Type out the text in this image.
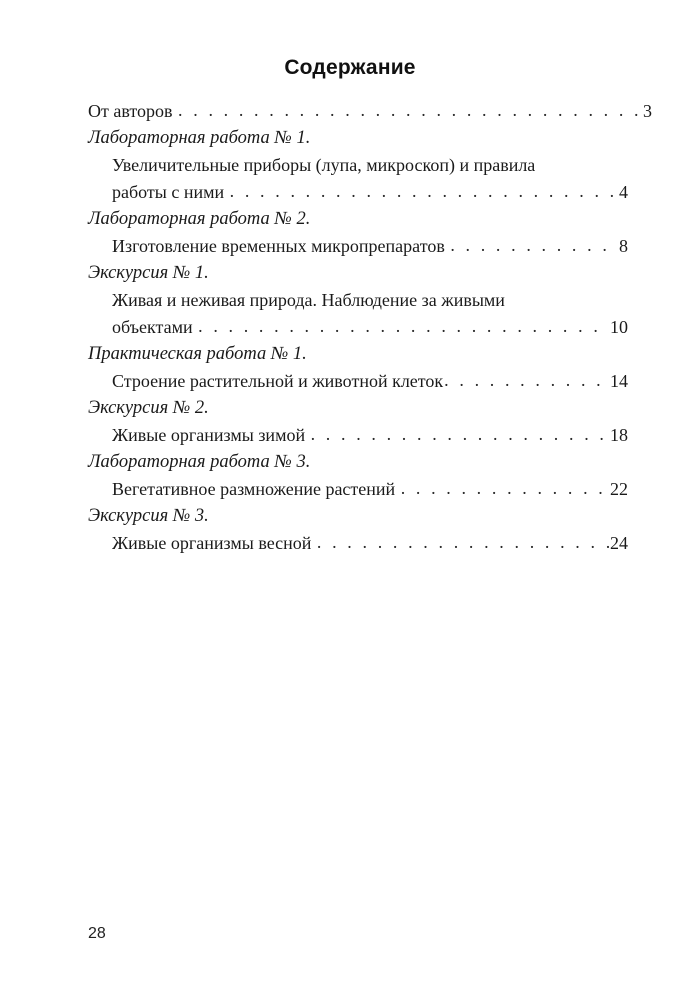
Содержание
От авторов . . .	3
Лабораторная работа № 1.
Увеличительные приборы (лупа, микроскоп) и правила
работы с ними . . .	4
Лабораторная работа № 2.
Изготовление временных микропрепаратов . . .	8
Экскурсия № 1.
Живая и неживая природа. Наблюдение за живыми
объектами . . .	10
Практическая работа № 1.
Строение растительной и животной клеток . . .	14
Экскурсия № 2.
Живые организмы зимой . . .	18
Лабораторная работа № 3.
Вегетативное размножение растений . . .	22
Экскурсия № 3.
Живые организмы весной . . .	24
28
